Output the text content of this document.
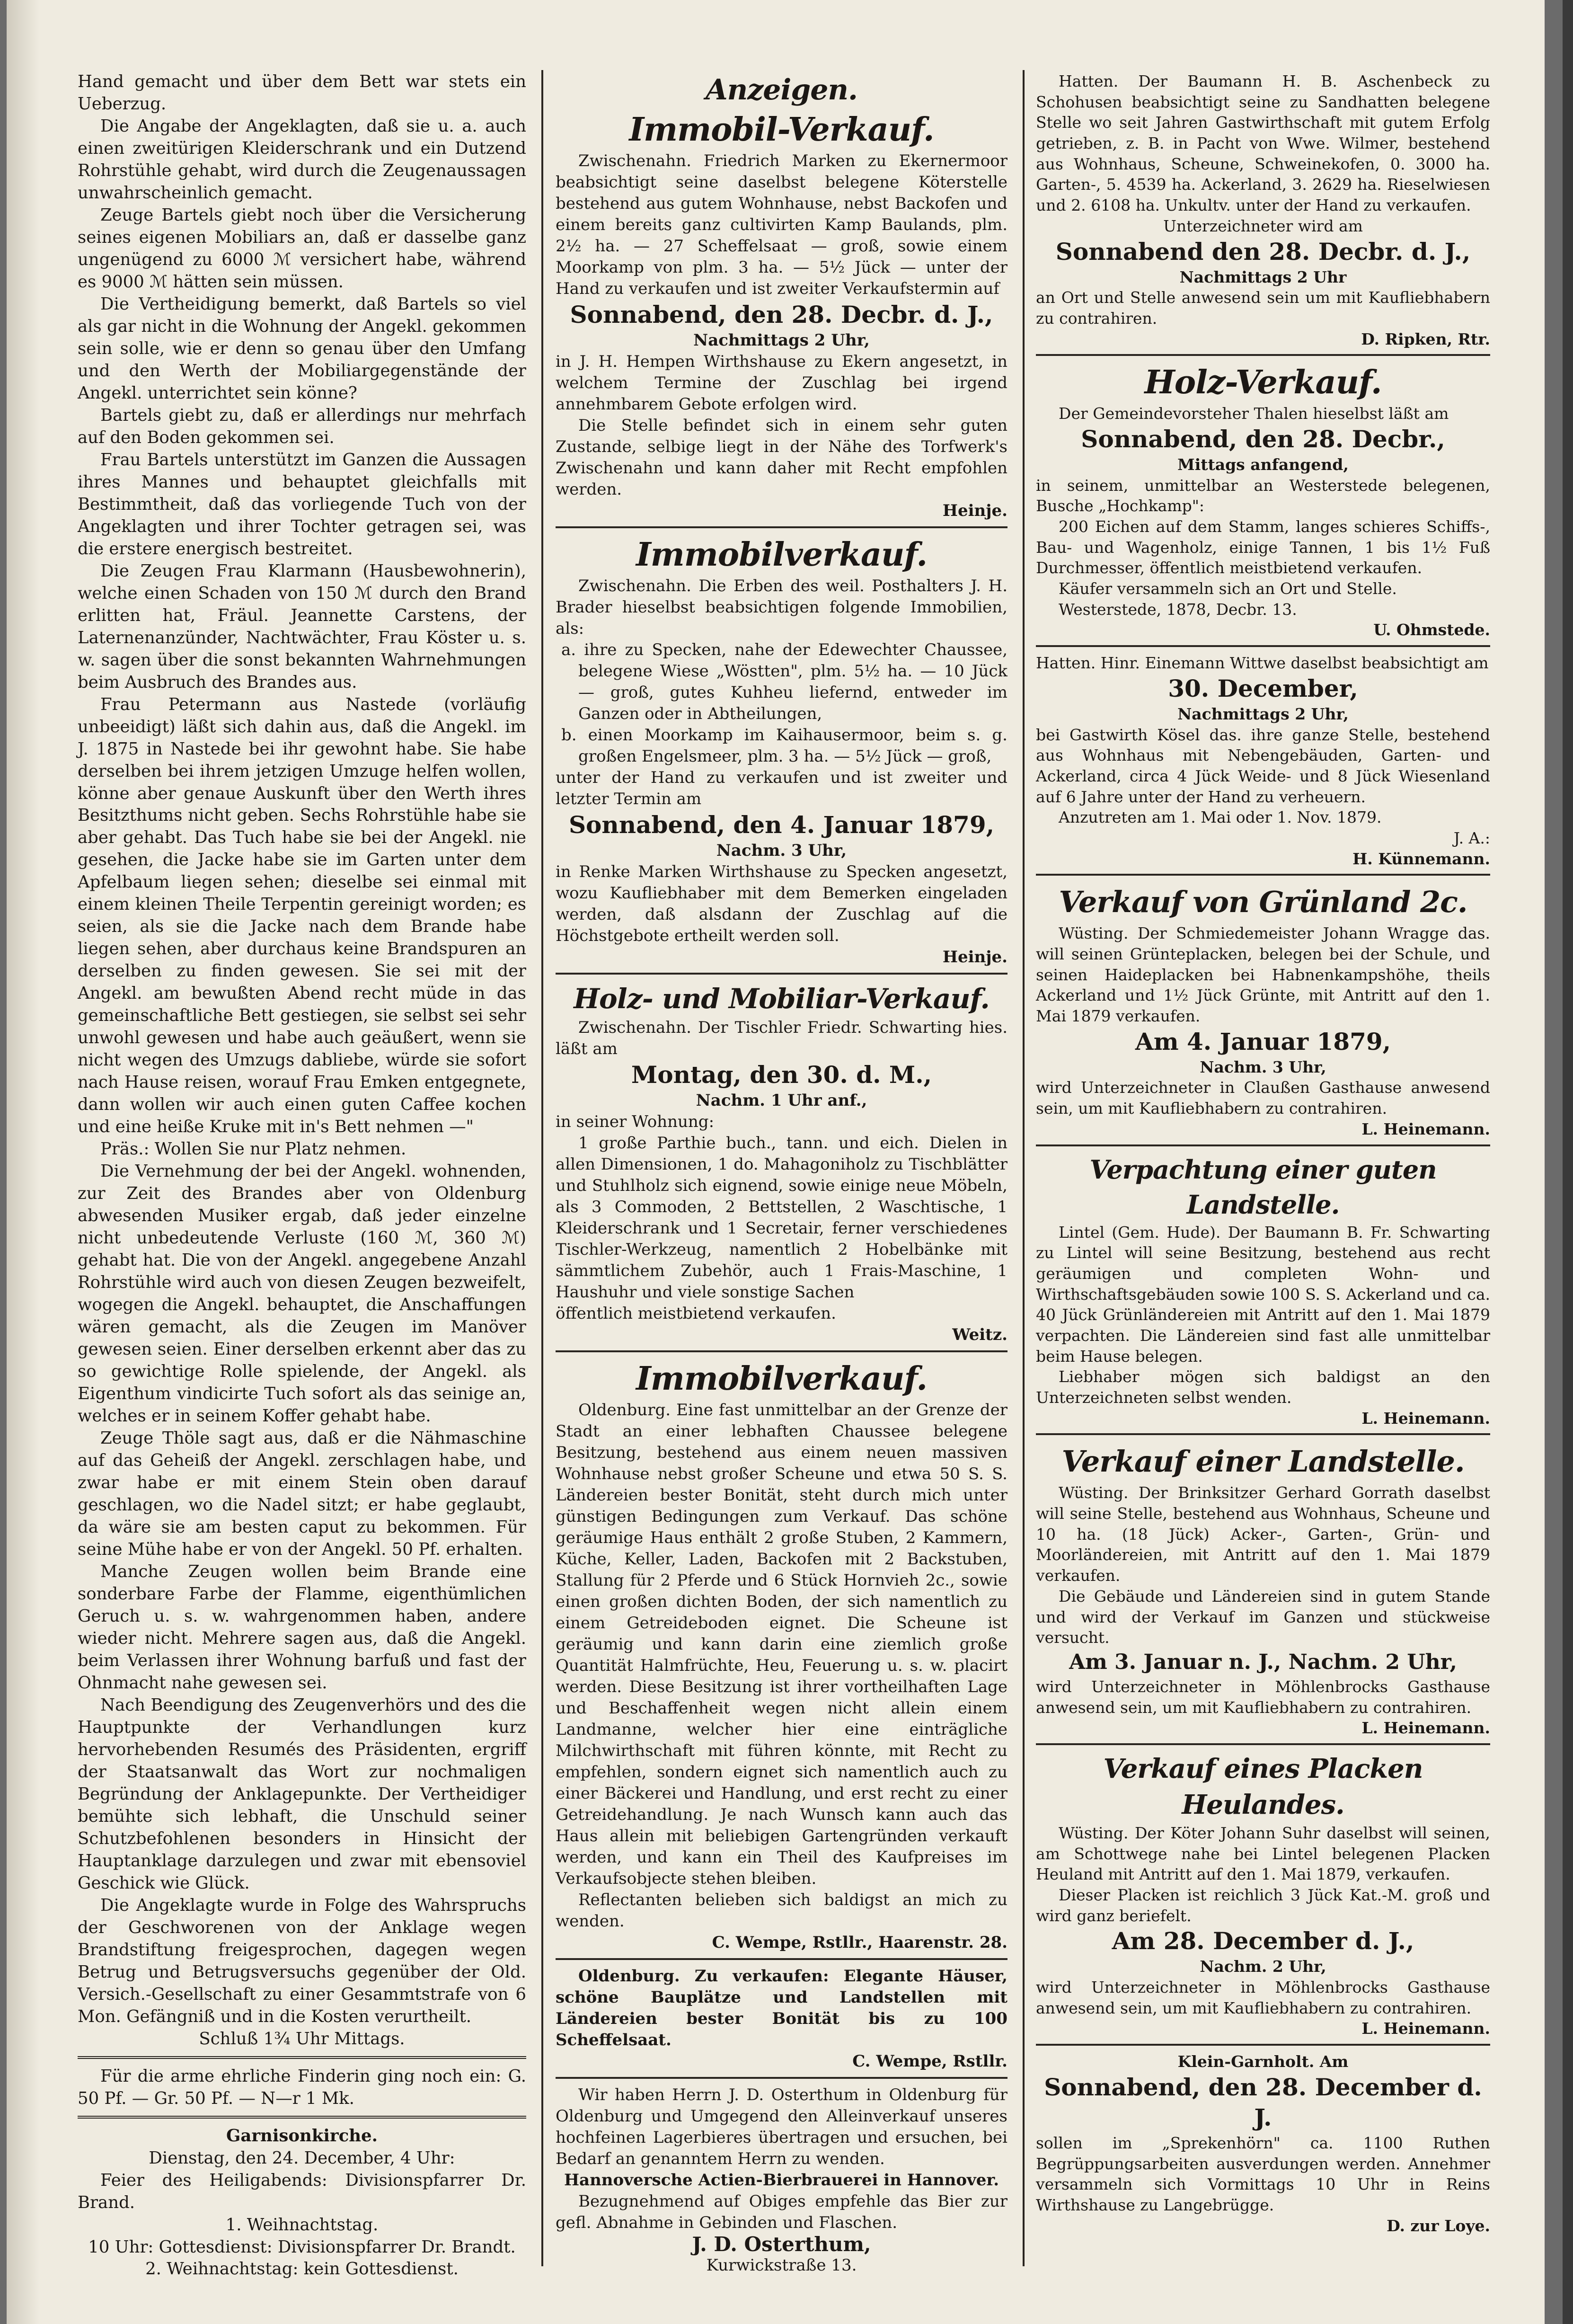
Hand gemacht und über dem Bett war stets ein Ueberzug.

Die Angabe der Angeklagten, daß sie u. a. auch einen zweitürigen Kleiderschrank und ein Dutzend Rohrstühle gehabt, wird durch die Zeugenaussagen unwahrscheinlich gemacht.

Zeuge Bartels giebt noch über die Versicherung seines eigenen Mobiliars an, daß er dasselbe ganz ungenügend zu 6000 ℳ versichert habe, während es 9000 ℳ hätten sein müssen.

Die Vertheidigung bemerkt, daß Bartels so viel als gar nicht in die Wohnung der Angekl. gekommen sein solle, wie er denn so genau über den Umfang und den Werth der Mobiliargegenstände der Angekl. unterrichtet sein könne?

Bartels giebt zu, daß er allerdings nur mehrfach auf den Boden gekommen sei.

Frau Bartels unterstützt im Ganzen die Aussagen ihres Mannes und behauptet gleichfalls mit Bestimmtheit, daß das vorliegende Tuch von der Angeklagten und ihrer Tochter getragen sei, was die erstere energisch bestreitet.

Die Zeugen Frau Klarmann (Hausbewohnerin), welche einen Schaden von 150 ℳ durch den Brand erlitten hat, Fräul. Jeannette Carstens, der Laternenanzünder, Nachtwächter, Frau Köster u. s. w. sagen über die sonst bekannten Wahrnehmungen beim Ausbruch des Brandes aus.

Frau Petermann aus Nastede (vorläufig unbeeidigt) läßt sich dahin aus, daß die Angekl. im J. 1875 in Nastede bei ihr gewohnt habe. Sie habe derselben bei ihrem jetzigen Umzuge helfen wollen, könne aber genaue Auskunft über den Werth ihres Besitzthums nicht geben. Sechs Rohrstühle habe sie aber gehabt. Das Tuch habe sie bei der Angekl. nie gesehen, die Jacke habe sie im Garten unter dem Apfelbaum liegen sehen; dieselbe sei einmal mit einem kleinen Theile Terpentin gereinigt worden; es seien, als sie die Jacke nach dem Brande habe liegen sehen, aber durchaus keine Brandspuren an derselben zu finden gewesen. Sie sei mit der Angekl. am bewußten Abend recht müde in das gemeinschaftliche Bett gestiegen, sie selbst sei sehr unwohl gewesen und habe auch geäußert, wenn sie nicht wegen des Umzugs dabliebe, würde sie sofort nach Hause reisen, worauf Frau Emken entgegnete, dann wollen wir auch einen guten Caffee kochen und eine heiße Kruke mit in's Bett nehmen —"

Präs.: Wollen Sie nur Platz nehmen.

Die Vernehmung der bei der Angekl. wohnenden, zur Zeit des Brandes aber von Oldenburg abwesenden Musiker ergab, daß jeder einzelne nicht unbedeutende Verluste (160 ℳ, 360 ℳ) gehabt hat. Die von der Angekl. angegebene Anzahl Rohrstühle wird auch von diesen Zeugen bezweifelt, wogegen die Angekl. behauptet, die Anschaffungen wären gemacht, als die Zeugen im Manöver gewesen seien. Einer derselben erkennt aber das zu so gewichtige Rolle spielende, der Angekl. als Eigenthum vindicirte Tuch sofort als das seinige an, welches er in seinem Koffer gehabt habe.

Zeuge Thöle sagt aus, daß er die Nähmaschine auf das Geheiß der Angekl. zerschlagen habe, und zwar habe er mit einem Stein oben darauf geschlagen, wo die Nadel sitzt; er habe geglaubt, da wäre sie am besten caput zu bekommen. Für seine Mühe habe er von der Angekl. 50 Pf. erhalten.

Manche Zeugen wollen beim Brande eine sonderbare Farbe der Flamme, eigenthümlichen Geruch u. s. w. wahrgenommen haben, andere wieder nicht. Mehrere sagen aus, daß die Angekl. beim Verlassen ihrer Wohnung barfuß und fast der Ohnmacht nahe gewesen sei.

Nach Beendigung des Zeugenverhörs und des die Hauptpunkte der Verhandlungen kurz hervorhebenden Resumés des Präsidenten, ergriff der Staatsanwalt das Wort zur nochmaligen Begründung der Anklagepunkte. Der Vertheidiger bemühte sich lebhaft, die Unschuld seiner Schutzbefohlenen besonders in Hinsicht der Hauptanklage darzulegen und zwar mit ebensoviel Geschick wie Glück.

Die Angeklagte wurde in Folge des Wahrspruchs der Geschworenen von der Anklage wegen Brandstiftung freigesprochen, dagegen wegen Betrug und Betrugsversuchs gegenüber der Old. Versich.-Gesellschaft zu einer Gesammtstrafe von 6 Mon. Gefängniß und in die Kosten verurtheilt.

Schluß 1¾ Uhr Mittags.

Für die arme ehrliche Finderin ging noch ein: G. 50 Pf. — Gr. 50 Pf. — N—r 1 Mk.

Garnisonkirche.

Dienstag, den 24. December, 4 Uhr:

Feier des Heiligabends: Divisionspfarrer Dr. Brand.

1. Weihnachtstag.

10 Uhr: Gottesdienst: Divisionspfarrer Dr. Brandt.

2. Weihnachtstag: kein Gottesdienst.

Anzeigen.
Immobil-Verkauf.

Zwischenahn. Friedrich Marken zu Ekernermoor beabsichtigt seine daselbst belegene Köterstelle bestehend aus gutem Wohnhause, nebst Backofen und einem bereits ganz cultivirten Kamp Baulands, plm. 2½ ha. — 27 Scheffelsaat — groß, sowie einem Moorkamp von plm. 3 ha. — 5½ Jück — unter der Hand zu verkaufen und ist zweiter Verkaufstermin auf

Sonnabend, den 28. Decbr. d. J.,

Nachmittags 2 Uhr,

in J. H. Hempen Wirthshause zu Ekern angesetzt, in welchem Termine der Zuschlag bei irgend annehmbarem Gebote erfolgen wird.

Die Stelle befindet sich in einem sehr guten Zustande, selbige liegt in der Nähe des Torfwerk's Zwischenahn und kann daher mit Recht empfohlen werden.

Heinje.

Immobilverkauf.

Zwischenahn. Die Erben des weil. Posthalters J. H. Brader hieselbst beabsichtigen folgende Immobilien, als:

a. ihre zu Specken, nahe der Edewechter Chaussee, belegene Wiese „Wöstten", plm. 5½ ha. — 10 Jück — groß, gutes Kuhheu liefernd, entweder im Ganzen oder in Abtheilungen,

b. einen Moorkamp im Kaihausermoor, beim s. g. großen Engelsmeer, plm. 3 ha. — 5½ Jück — groß,

unter der Hand zu verkaufen und ist zweiter und letzter Termin am

Sonnabend, den 4. Januar 1879,

Nachm. 3 Uhr,

in Renke Marken Wirthshause zu Specken angesetzt, wozu Kaufliebhaber mit dem Bemerken eingeladen werden, daß alsdann der Zuschlag auf die Höchstgebote ertheilt werden soll.

Heinje.

Holz- und Mobiliar-Verkauf.

Zwischenahn. Der Tischler Friedr. Schwarting hies. läßt am

Montag, den 30. d. M.,

Nachm. 1 Uhr anf.,

in seiner Wohnung:

1 große Parthie buch., tann. und eich. Dielen in allen Dimensionen, 1 do. Mahagoniholz zu Tischblätter und Stuhlholz sich eignend, sowie einige neue Möbeln, als 3 Commoden, 2 Bettstellen, 2 Waschtische, 1 Kleiderschrank und 1 Secretair, ferner verschiedenes Tischler-Werkzeug, namentlich 2 Hobelbänke mit sämmtlichem Zubehör, auch 1 Frais-Maschine, 1 Haushuhr und viele sonstige Sachen

öffentlich meistbietend verkaufen.

Weitz.

Immobilverkauf.

Oldenburg. Eine fast unmittelbar an der Grenze der Stadt an einer lebhaften Chaussee belegene Besitzung, bestehend aus einem neuen massiven Wohnhause nebst großer Scheune und etwa 50 S. S. Ländereien bester Bonität, steht durch mich unter günstigen Bedingungen zum Verkauf. Das schöne geräumige Haus enthält 2 große Stuben, 2 Kammern, Küche, Keller, Laden, Backofen mit 2 Backstuben, Stallung für 2 Pferde und 6 Stück Hornvieh 2c., sowie einen großen dichten Boden, der sich namentlich zu einem Getreideboden eignet. Die Scheune ist geräumig und kann darin eine ziemlich große Quantität Halmfrüchte, Heu, Feuerung u. s. w. placirt werden. Diese Besitzung ist ihrer vortheilhaften Lage und Beschaffenheit wegen nicht allein einem Landmanne, welcher hier eine einträgliche Milchwirthschaft mit führen könnte, mit Recht zu empfehlen, sondern eignet sich namentlich auch zu einer Bäckerei und Handlung, und erst recht zu einer Getreidehandlung. Je nach Wunsch kann auch das Haus allein mit beliebigen Gartengründen verkauft werden, und kann ein Theil des Kaufpreises im Verkaufsobjecte stehen bleiben.

Reflectanten belieben sich baldigst an mich zu wenden.

C. Wempe, Rstllr., Haarenstr. 28.

Oldenburg. Zu verkaufen: Elegante Häuser, schöne Bauplätze und Landstellen mit Ländereien bester Bonität bis zu 100 Scheffelsaat.

C. Wempe, Rstllr.

Wir haben Herrn J. D. Osterthum in Oldenburg für Oldenburg und Umgegend den Alleinverkauf unseres hochfeinen Lagerbieres übertragen und ersuchen, bei Bedarf an genanntem Herrn zu wenden.

Hannoversche Actien-Bierbrauerei in Hannover.

Bezugnehmend auf Obiges empfehle das Bier zur gefl. Abnahme in Gebinden und Flaschen.

J. D. Osterthum,

Kurwickstraße 13.

Hatten. Der Baumann H. B. Aschenbeck zu Schohusen beabsichtigt seine zu Sandhatten belegene Stelle wo seit Jahren Gastwirthschaft mit gutem Erfolg getrieben, z. B. in Pacht von Wwe. Wilmer, bestehend aus Wohnhaus, Scheune, Schweinekofen, 0. 3000 ha. Garten-, 5. 4539 ha. Ackerland, 3. 2629 ha. Rieselwiesen und 2. 6108 ha. Unkultv. unter der Hand zu verkaufen.

Unterzeichneter wird am

Sonnabend den 28. Decbr. d. J.,

Nachmittags 2 Uhr

an Ort und Stelle anwesend sein um mit Kaufliebhabern zu contrahiren.

D. Ripken, Rtr.

Holz-Verkauf.

Der Gemeindevorsteher Thalen hieselbst läßt am

Sonnabend, den 28. Decbr.,

Mittags anfangend,

in seinem, unmittelbar an Westerstede belegenen, Busche „Hochkamp":

200 Eichen auf dem Stamm, langes schieres Schiffs-, Bau- und Wagenholz, einige Tannen, 1 bis 1½ Fuß Durchmesser, öffentlich meistbietend verkaufen.

Käufer versammeln sich an Ort und Stelle.

Westerstede, 1878, Decbr. 13.

U. Ohmstede.

Hatten. Hinr. Einemann Wittwe daselbst beabsichtigt am

30. December,

Nachmittags 2 Uhr,

bei Gastwirth Kösel das. ihre ganze Stelle, bestehend aus Wohnhaus mit Nebengebäuden, Garten- und Ackerland, circa 4 Jück Weide- und 8 Jück Wiesenland auf 6 Jahre unter der Hand zu verheuern.

Anzutreten am 1. Mai oder 1. Nov. 1879.

J. A.:

H. Künnemann.

Verkauf von Grünland 2c.

Wüsting. Der Schmiedemeister Johann Wragge das. will seinen Grünteplacken, belegen bei der Schule, und seinen Haideplacken bei Habnenkampshöhe, theils Ackerland und 1½ Jück Grünte, mit Antritt auf den 1. Mai 1879 verkaufen.

Am 4. Januar 1879,

Nachm. 3 Uhr,

wird Unterzeichneter in Claußen Gasthause anwesend sein, um mit Kaufliebhabern zu contrahiren.

L. Heinemann.

Verpachtung einer guten Landstelle.

Lintel (Gem. Hude). Der Baumann B. Fr. Schwarting zu Lintel will seine Besitzung, bestehend aus recht geräumigen und completen Wohn- und Wirthschaftsgebäuden sowie 100 S. S. Ackerland und ca. 40 Jück Grünländereien mit Antritt auf den 1. Mai 1879 verpachten. Die Ländereien sind fast alle unmittelbar beim Hause belegen.

Liebhaber mögen sich baldigst an den Unterzeichneten selbst wenden.

L. Heinemann.

Verkauf einer Landstelle.

Wüsting. Der Brinksitzer Gerhard Gorrath daselbst will seine Stelle, bestehend aus Wohnhaus, Scheune und 10 ha. (18 Jück) Acker-, Garten-, Grün- und Moorländereien, mit Antritt auf den 1. Mai 1879 verkaufen.

Die Gebäude und Ländereien sind in gutem Stande und wird der Verkauf im Ganzen und stückweise versucht.

Am 3. Januar n. J., Nachm. 2 Uhr,

wird Unterzeichneter in Möhlenbrocks Gasthause anwesend sein, um mit Kaufliebhabern zu contrahiren.

L. Heinemann.

Verkauf eines Placken Heulandes.

Wüsting. Der Köter Johann Suhr daselbst will seinen, am Schottwege nahe bei Lintel belegenen Placken Heuland mit Antritt auf den 1. Mai 1879, verkaufen.

Dieser Placken ist reichlich 3 Jück Kat.-M. groß und wird ganz beriefelt.

Am 28. December d. J.,

Nachm. 2 Uhr,

wird Unterzeichneter in Möhlenbrocks Gasthause anwesend sein, um mit Kaufliebhabern zu contrahiren.

L. Heinemann.

Klein-Garnholt. Am

Sonnabend, den 28. December d. J.

sollen im „Sprekenhörn" ca. 1100 Ruthen Begrüppungsarbeiten ausverdungen werden. Annehmer versammeln sich Vormittags 10 Uhr in Reins Wirthshause zu Langebrügge.

D. zur Loye.
